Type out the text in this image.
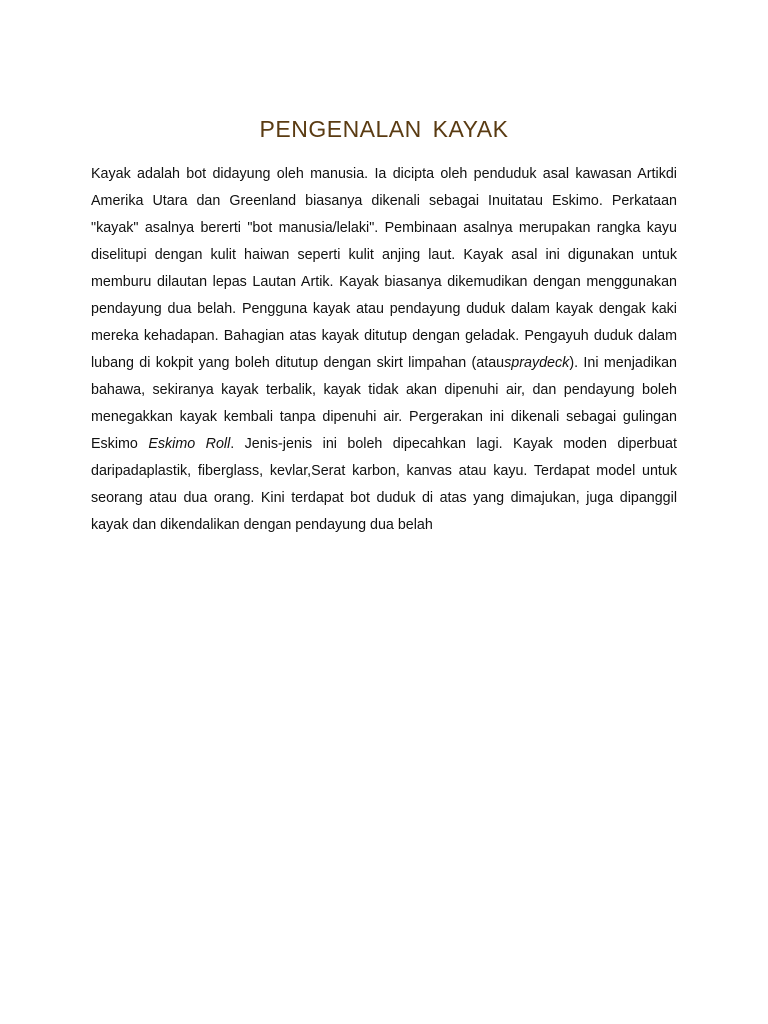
PENGENALAN KAYAK

Kayak adalah bot didayung oleh manusia. Ia dicipta oleh penduduk asal kawasan Artikdi Amerika Utara dan Greenland biasanya dikenali sebagai Inuitatau Eskimo. Perkataan "kayak" asalnya bererti "bot manusia/lelaki". Pembinaan asalnya merupakan rangka kayu diselitupi dengan kulit haiwan seperti kulit anjing laut. Kayak asal ini digunakan untuk memburu dilautan lepas Lautan Artik. Kayak biasanya dikemudikan dengan menggunakan pendayung dua belah. Pengguna kayak atau pendayung duduk dalam kayak dengak kaki mereka kehadapan. Bahagian atas kayak ditutup dengan geladak. Pengayuh duduk dalam lubang di kokpit yang boleh ditutup dengan skirt limpahan (atauspraydeck). Ini menjadikan bahawa, sekiranya kayak terbalik, kayak tidak akan dipenuhi air, dan pendayung boleh menegakkan kayak kembali tanpa dipenuhi air. Pergerakan ini dikenali sebagai gulingan Eskimo Eskimo Roll. Jenis-jenis ini boleh dipecahkan lagi. Kayak moden diperbuat daripadaplastik, fiberglass, kevlar,Serat karbon, kanvas atau kayu. Terdapat model untuk seorang atau dua orang. Kini terdapat bot duduk di atas yang dimajukan, juga dipanggil kayak dan dikendalikan dengan pendayung dua belah
